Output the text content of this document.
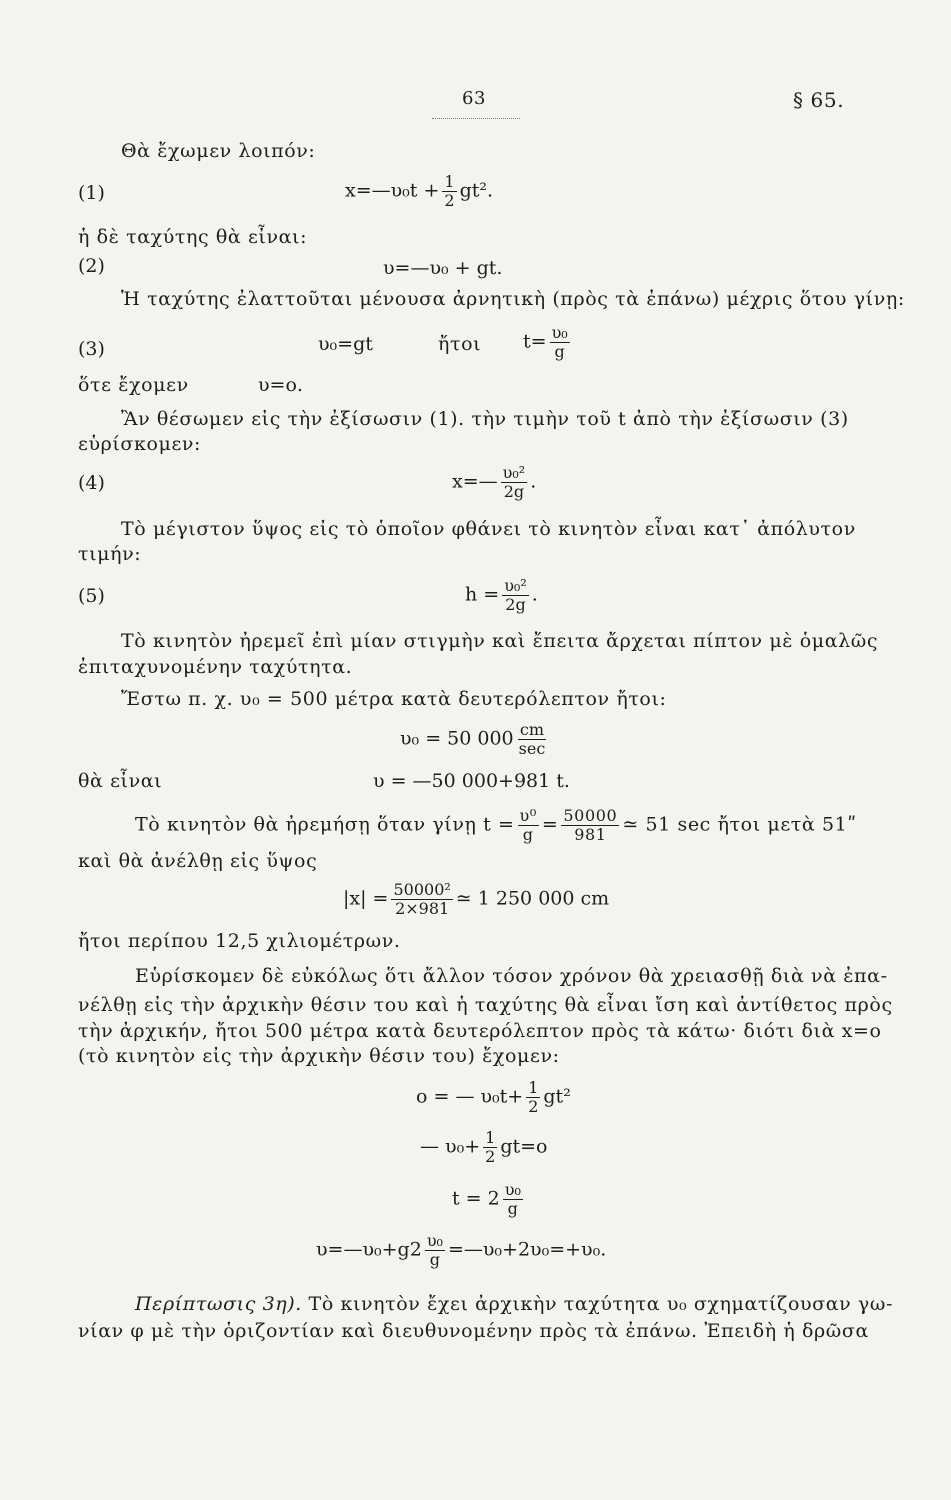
63	§ 65.
Θὰ ἔχωμεν λοιπόν:
(1)	x=—υ₀t + $\frac{1}{2} gt^2$.
ἡ δὲ ταχύτης θὰ εἶναι:
(2)	υ=—υ₀ + gt.
Ἡ ταχύτης ἐλαττοῦται μένουσα ἀρνητικὴ (πρὸς τὰ ἐπάνω) μέχρις ὅτου γίνῃ:
(3)	υ₀=gt	ἤτοι $t= \frac{\text{υ₀}}{g}$
ὅτε ἔχομεν	υ=ο.
Ἂν θέσωμεν εἰς τὴν ἐξίσωσιν (1). τὴν τιμὴν τοῦ t ἀπὸ τὴν ἐξίσωσιν (3)
εὑρίσκομεν:
(4)	x=— $\frac{\text{υ₀²}}{2g}$ .
Τὸ μέγιστον ὕψος εἰς τὸ ὁποῖον φθάνει τὸ κινητὸν εἶναι κατ᾽ ἀπόλυτον
τιμήν:
(5)	$h = \frac{\text{υ₀²}}{2g}$ .
Τὸ κινητὸν ἠρεμεῖ ἐπὶ μίαν στιγμὴν καὶ ἔπειτα ἄρχεται πίπτον μὲ ὁμαλῶς
ἐπιταχυνομένην ταχύτητα.
Ἔστω π. χ. υ₀ = 500 μέτρα κατὰ δευτερόλεπτον ἤτοι:
υ₀ = 50 $000 \frac{cm}{\sec}$
θὰ εἶναι	υ = —50 000+981 t.
Τὸ κινητὸν θὰ ἠρεμήσῃ ὅταν γίνῃ $t = \frac{\text{υ⁰}}{g} = \frac{50000}{981}$ ≃ 51 sec ἤτοι μετὰ 51ʺ
καὶ θὰ ἀνέλθῃ εἰς ὕψος
$|x| = \frac{\text{50000²}}{2\times 981}$ ≃ 1 250 000 cm
ἤτοι περίπου 12,5 χιλιομέτρων.
Εὑρίσκομεν δὲ εὐκόλως ὅτι ἄλλον τόσον χρόνον θὰ χρειασθῇ διὰ νὰ ἐπα-
νέλθῃ εἰς τὴν ἀρχικὴν θέσιν του καὶ ἡ ταχύτης θὰ εἶναι ἴση καὶ ἀντίθετος πρὸς
τὴν ἀρχικήν, ἤτοι 500 μέτρα κατὰ δευτερόλεπτον πρὸς τὰ κάτω· διότι διὰ x=ο
(τὸ κινητὸν εἰς τὴν ἀρχικὴν θέσιν του) ἔχομεν:
ο = — $\upsilon_0t+ \frac{1}{2} gt^2$
— $\upsilon_0+ \frac{1}{2} gt=o$
$t = 2 \frac{\text{υ₀}}{g}$
υ=—υ₀+g2 $\frac{\text{υ₀}}{g}$ =—υ₀+2υ₀=+υ₀.
Περίπτωσις 3η). Τὸ κινητὸν ἔχει ἀρχικὴν ταχύτητα υ₀ σχηματίζουσαν γω-
νίαν φ μὲ τὴν ὁριζοντίαν καὶ διευθυνομένην πρὸς τὰ ἐπάνω. Ἐπειδὴ ἡ δρῶσα
